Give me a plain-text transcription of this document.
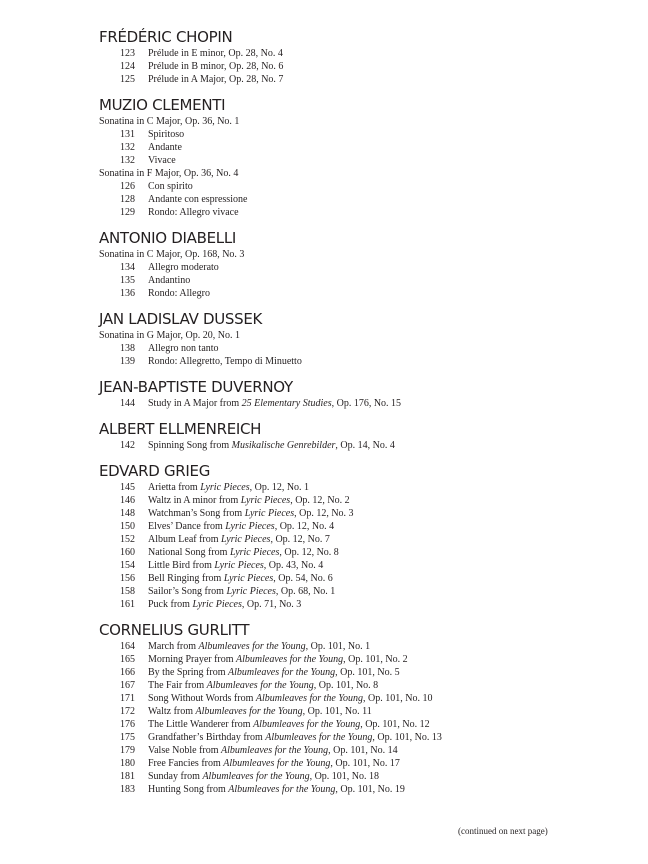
FRÉDÉRIC CHOPIN
123	Prélude in E minor, Op. 28, No. 4
124	Prélude in B minor, Op. 28, No. 6
125	Prélude in A Major, Op. 28, No. 7
MUZIO CLEMENTI
Sonatina in C Major, Op. 36, No. 1
131	Spiritoso
132	Andante
132	Vivace
Sonatina in F Major, Op. 36, No. 4
126	Con spirito
128	Andante con espressione
129	Rondo: Allegro vivace
ANTONIO DIABELLI
Sonatina in C Major, Op. 168, No. 3
134	Allegro moderato
135	Andantino
136	Rondo: Allegro
JAN LADISLAV DUSSEK
Sonatina in G Major, Op. 20, No. 1
138	Allegro non tanto
139	Rondo: Allegretto, Tempo di Minuetto
JEAN-BAPTISTE DUVERNOY
144	Study in A Major from 25 Elementary Studies, Op. 176, No. 15
ALBERT ELLMENREICH
142	Spinning Song from Musikalische Genrebilder, Op. 14, No. 4
EDVARD GRIEG
145	Arietta from Lyric Pieces, Op. 12, No. 1
146	Waltz in A minor from Lyric Pieces, Op. 12, No. 2
148	Watchman’s Song from Lyric Pieces, Op. 12, No. 3
150	Elves’ Dance from Lyric Pieces, Op. 12, No. 4
152	Album Leaf from Lyric Pieces, Op. 12, No. 7
160	National Song from Lyric Pieces, Op. 12, No. 8
154	Little Bird from Lyric Pieces, Op. 43, No. 4
156	Bell Ringing from Lyric Pieces, Op. 54, No. 6
158	Sailor’s Song from Lyric Pieces, Op. 68, No. 1
161	Puck from Lyric Pieces, Op. 71, No. 3
CORNELIUS GURLITT
164	March from Albumleaves for the Young, Op. 101, No. 1
165	Morning Prayer from Albumleaves for the Young, Op. 101, No. 2
166	By the Spring from Albumleaves for the Young, Op. 101, No. 5
167	The Fair from Albumleaves for the Young, Op. 101, No. 8
171	Song Without Words from Albumleaves for the Young, Op. 101, No. 10
172	Waltz from Albumleaves for the Young, Op. 101, No. 11
176	The Little Wanderer from Albumleaves for the Young, Op. 101, No. 12
175	Grandfather’s Birthday from Albumleaves for the Young, Op. 101, No. 13
179	Valse Noble from Albumleaves for the Young, Op. 101, No. 14
180	Free Fancies from Albumleaves for the Young, Op. 101, No. 17
181	Sunday from Albumleaves for the Young, Op. 101, No. 18
183	Hunting Song from Albumleaves for the Young, Op. 101, No. 19
(continued on next page)
